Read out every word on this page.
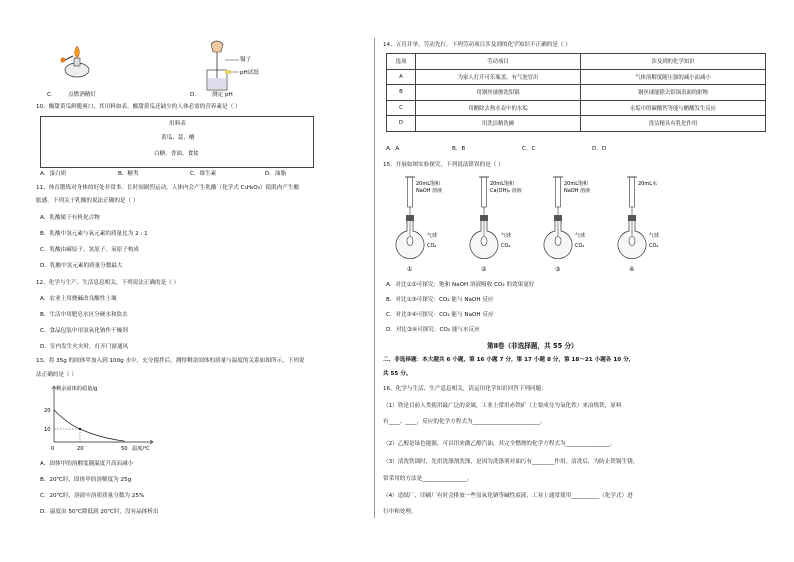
C． 点燃酒精灯
镊子
pH试纸
D． 测定 pH
10、酸甜黄瓜鲜脆爽口，其用料如表。酸甜黄瓜还缺少的人体必需的营养素是（ ）
用料表
黄瓜、蒜、醋
白糖、香油、食盐
A．蛋白质	B．糖类	C．维生素	D．油脂
11、体育锻炼对身体的好处非常多。长时间剧烈运动，人体内会产生乳酸（化学式 C₃H₆O₃）使肌肉产生酸
胀感。下列关于乳酸的说法正确的是（ ）
A．乳酸属于有机化合物
B．乳酸中氢元素与氧元素的质量比为 2 : 1
C．乳酸由碳原子、氢原子、氧原子构成
D．乳酸中氢元素的质量分数最大
12、化学与生产、生活息息相关，下列说法正确的是（ ）
A．农业上用烧碱改良酸性土壤
B．生活中用肥皂水区分硬水和软水
C．食品包装中用氢氧化钠作干燥剂
D．室内发生火灾时，打开门窗通风
13、将 35g 的固体甲加入到 100g 水中，充分搅拌后，测得剩余固体的质量与温度的关系如图所示，下列说
法正确的是（ ）
剩余固体的质量/g
20
10
0	20	50 温度/℃
A．固体甲的溶解度随温度升高而减小
B．20℃时，固体甲的溶解度为 25g
C．20℃时，溶液中溶质质量分数为 25%
D．温度由 50℃降低到 20℃时，没有晶体析出
14、五育并举，劳动先行。下列劳动项目涉及到的化学知识不正确的是（ ）
选项	劳动项目	涉及到的化学知识
A	为家人打开可乐瓶盖，有气泡冒出	气体溶解度随压强的减小而减小
B	用钢丝球擦洗铝锅	钢丝球能除去铝锅表面的脏物
C	用醋除去热水壶中的水垢	水垢中的碳酸钙等能与醋酸发生反应
D	用洗洁精洗碗	洗洁精具有乳化作用
A．A	B．B	C．C	D．D
15、开展如图实验探究，下列说法错误的是（ ）
20mL饱和
NaOH 溶液
气球
CO₂
①
20mL饱和
Ca(OH)₂ 溶液
气球
CO₂
②
20mL饱和
NaOH 溶液
气球
CO₂
③
20mL水
气球
CO₂
④
A．对比①②可探究：饱和 NaOH 溶液吸收 CO₂ 的效果更好
B．对比①③可探究：CO₂ 能与 NaOH 反应
C．对比③④可探究：CO₂ 能与 NaOH 反应
D．对比②④可探究：CO₂ 能与水反应
第Ⅱ卷（非选择题，共 55 分）
二、非选择题：本大题共 6 小题，第 16 小题 7 分，第 17 小题 8 分，第 18～21 小题各 10 分，
共 55 分。
16、化学与生活、生产息息相关，请运用化学知识回答下列问题：
（1）铁是目前人类使用最广泛的金属，工业上常用赤铁矿（主要成分为氧化铁）来冶炼铁，原料
有____、____，反应的化学方程式为________________________。
（2）乙醇是绿色能源，可以用来做乙醇汽油，其完全燃烧的化学方程式为________________。
（3）清洗铁锅时，先用洗涤剂洗涤，是因为洗涤剂对油污有________作用。清洗后，为防止铁锅生锈，
常采用的方法是________________。
（4）造纸厂、印刷厂有时会排放一些氢氧化钠等碱性废液，工业上通常使用__________（化学式）进
行中和处理。
